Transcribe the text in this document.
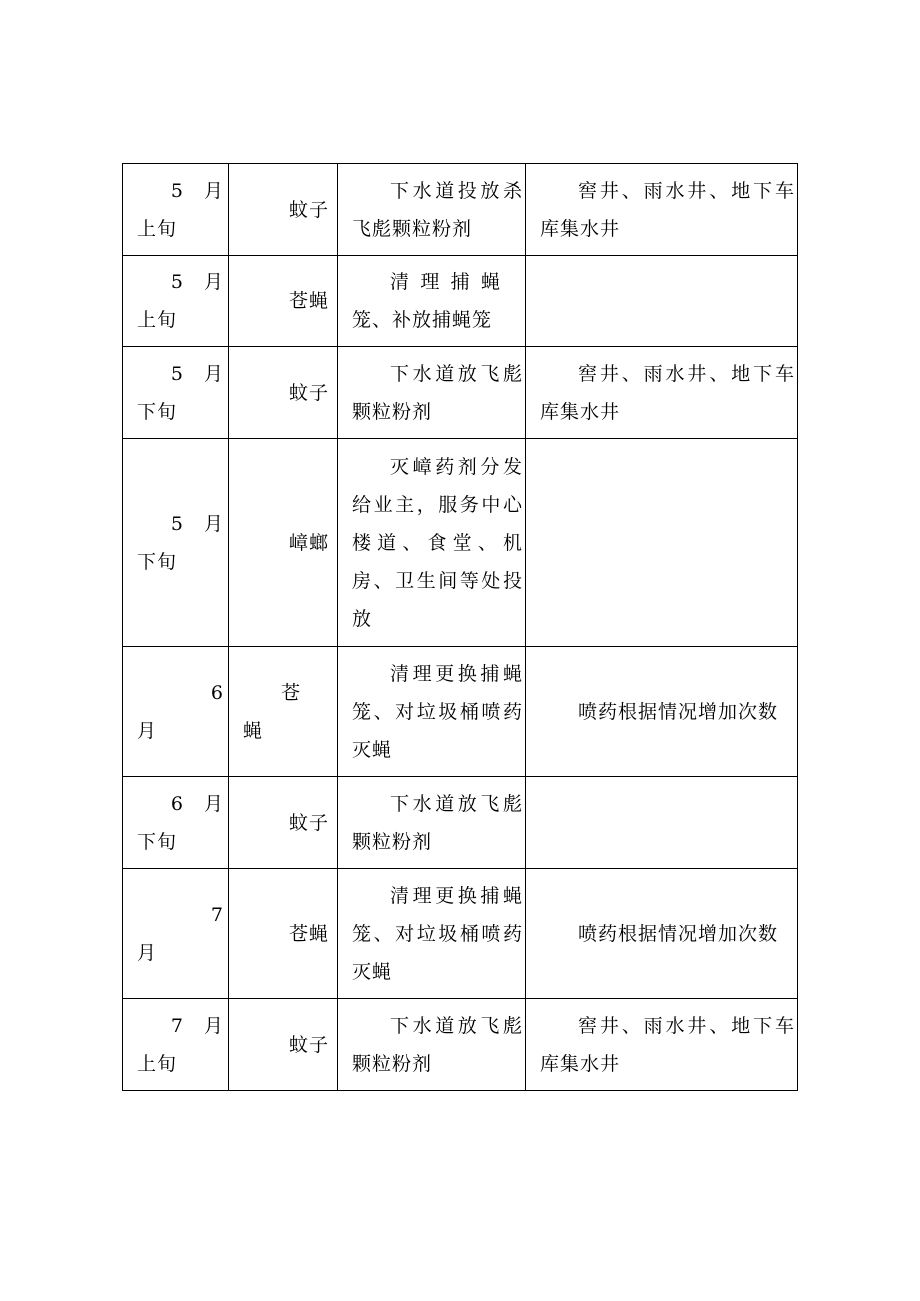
5　月
上旬	蚊子	下水道投放杀飞彪颗粒粉剂	窖井、雨水井、地下车库集水井

5　月
上旬	苍蝇	清理捕蝇笼、补放捕蝇笼	

5　月
下旬	蚊子	下水道放飞彪颗粒粉剂	窖井、雨水井、地下车库集水井

5　月
下旬	嶂螂	灭嶂药剂分发给业主，服务中心楼道、食堂、机房、卫生间等处投放	

6
月	苍蝇	清理更换捕蝇笼、对垃圾桶喷药灭蝇	喷药根据情况增加次数

6　月
下旬	蚊子	下水道放飞彪颗粒粉剂	

7
月	苍蝇	清理更换捕蝇笼、对垃圾桶喷药灭蝇	喷药根据情况增加次数

7　月
上旬	蚊子	下水道放飞彪颗粒粉剂	窖井、雨水井、地下车库集水井
